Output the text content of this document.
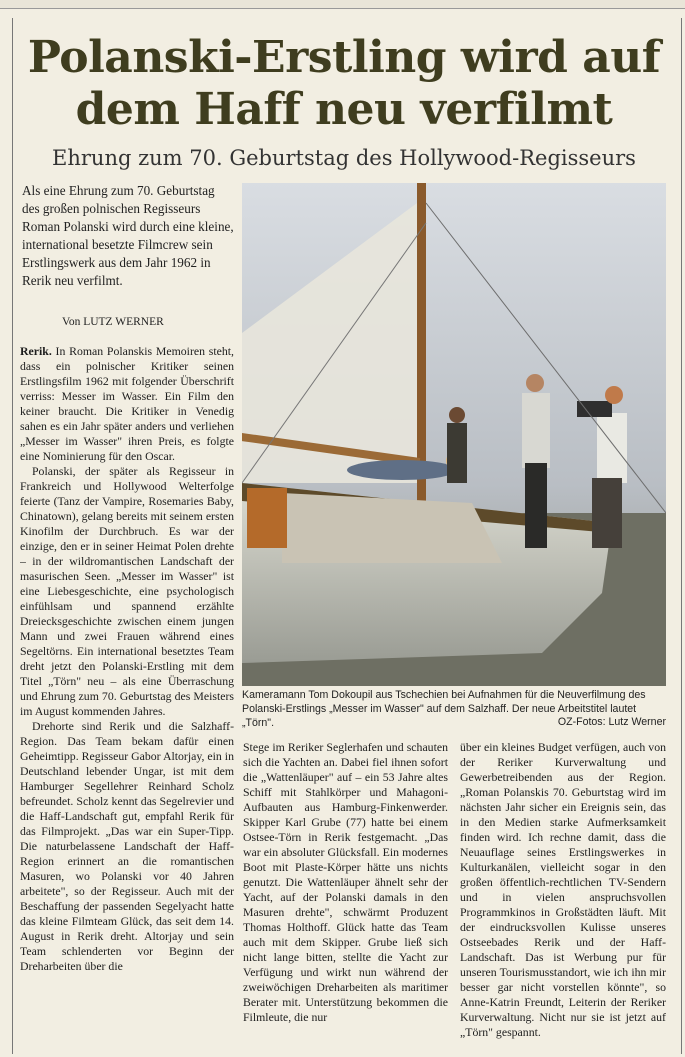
Polanski-Erstling wird auf
dem Haff neu verfilmt
Ehrung zum 70. Geburtstag des Hollywood-Regisseurs
Als eine Ehrung zum 70. Geburtstag des großen polnischen Regisseurs Roman Polanski wird durch eine kleine, international besetzte Filmcrew sein Erstlingswerk aus dem Jahr 1962 in Rerik neu verfilmt.
Von LUTZ WERNER

Rerik. In Roman Polanskis Memoiren steht, dass ein polnischer Kritiker seinen Erstlingsfilm 1962 mit folgender Überschrift verriss: Messer im Wasser. Ein Film den keiner braucht. Die Kritiker in Venedig sahen es ein Jahr später anders und verliehen „Messer im Wasser" ihren Preis, es folgte eine Nominierung für den Oscar.

Polanski, der später als Regisseur in Frankreich und Hollywood Welterfolge feierte (Tanz der Vampire, Rosemaries Baby, Chinatown), gelang bereits mit seinem ersten Kinofilm der Durchbruch. Es war der einzige, den er in seiner Heimat Polen drehte – in der wildromantischen Landschaft der masurischen Seen. „Messer im Wasser" ist eine Liebesgeschichte, eine psychologisch einfühlsam und spannend erzählte Dreiecksgeschichte zwischen einem jungen Mann und zwei Frauen während eines Segeltörns. Ein international besetztes Team dreht jetzt den Polanski-Erstling mit dem Titel „Törn" neu – als eine Überraschung und Ehrung zum 70. Geburtstag des Meisters im August kommenden Jahres.

Drehorte sind Rerik und die Salzhaff-Region. Das Team bekam dafür einen Geheimtipp. Regisseur Gabor Altorjay, ein in Deutschland lebender Ungar, ist mit dem Hamburger Segellehrer Reinhard Scholz befreundet. Scholz kennt das Segelrevier und die Haff-Landschaft gut, empfahl Rerik für das Filmprojekt. „Das war ein Super-Tipp. Die naturbelassene Landschaft der Haff-Region erinnert an die romantischen Masuren, wo Polanski vor 40 Jahren arbeitete", so der Regisseur. Auch mit der Beschaffung der passenden Segelyacht hatte das kleine Filmteam Glück, das seit dem 14. August in Rerik dreht. Altorjay und sein Team schlenderten vor Beginn der Dreharbeiten über die

Kameramann Tom Dokoupil aus Tschechien bei Aufnahmen für die Neuverfilmung des Polanski-Erstlings „Messer im Wasser" auf dem Salzhaff. Der neue Arbeitstitel lautet „Törn".	OZ-Fotos: Lutz Werner

Stege im Reriker Seglerhafen und schauten sich die Yachten an. Dabei fiel ihnen sofort die „Wattenläuper" auf – ein 53 Jahre altes Schiff mit Stahlkörper und Mahagoni-Aufbauten aus Hamburg-Finkenwerder. Skipper Karl Grube (77) hatte bei einem Ostsee-Törn in Rerik festgemacht. „Das war ein absoluter Glücksfall. Ein modernes Boot mit Plaste-Körper hätte uns nichts genutzt. Die Wattenläuper ähnelt sehr der Yacht, auf der Polanski damals in den Masuren drehte", schwärmt Produzent Thomas Holthoff. Glück hatte das Team auch mit dem Skipper. Grube ließ sich nicht lange bitten, stellte die Yacht zur Verfügung und wirkt nun während der zweiwöchigen Dreharbeiten als maritimer Berater mit. Unterstützung bekommen die Filmleute, die nur

über ein kleines Budget verfügen, auch von der Reriker Kurverwaltung und Gewerbetreibenden aus der Region. „Roman Polanskis 70. Geburtstag wird im nächsten Jahr sicher ein Ereignis sein, das in den Medien starke Aufmerksamkeit finden wird. Ich rechne damit, dass die Neuauflage seines Erstlingswerkes in Kulturkanälen, vielleicht sogar in den großen öffentlich-rechtlichen TV-Sendern und in vielen anspruchsvollen Programmkinos in Großstädten läuft. Mit der eindrucksvollen Kulisse unseres Ostseebades Rerik und der Haff-Landschaft. Das ist Werbung pur für unseren Tourismusstandort, wie ich ihn mir besser gar nicht vorstellen könnte", so Anne-Katrin Freundt, Leiterin der Reriker Kurverwaltung. Nicht nur sie ist jetzt auf „Törn" gespannt.
